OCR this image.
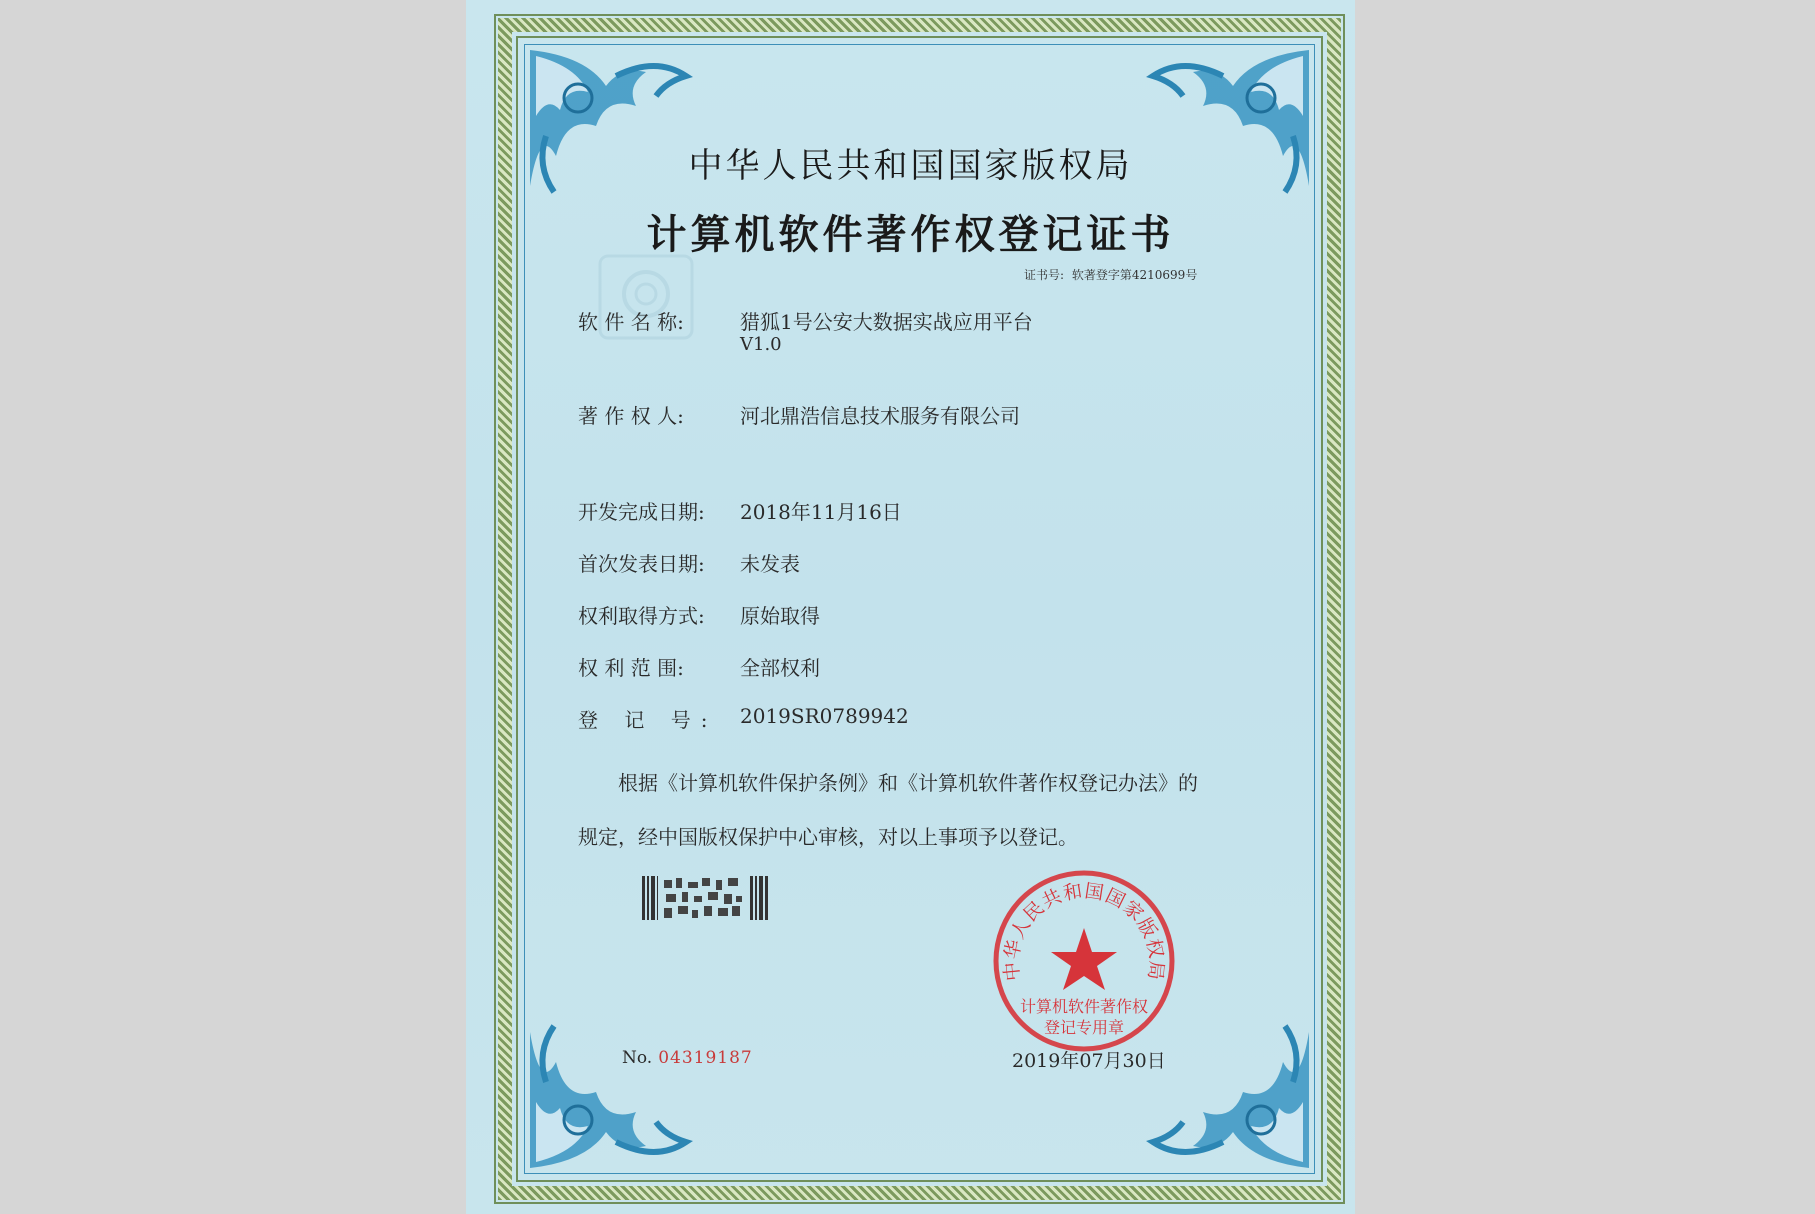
中华人民共和国国家版权局
计算机软件著作权登记证书
证书号: 软著登字第4210699号
软 件 名 称:	猎狐1号公安大数据实战应用平台
V1.0
著 作 权 人:	河北鼎浩信息技术服务有限公司
开发完成日期: 2018年11月16日
首次发表日期: 未发表
权利取得方式: 原始取得
权 利 范 围:	全部权利
登 记 号: 2019SR0789942
根据《计算机软件保护条例》和《计算机软件著作权登记办法》的
规定，经中国版权保护中心审核，对以上事项予以登记。
中华人民共和国国家版权局
计算机软件著作权
登记专用章
No. 04319187	2019年07月30日
